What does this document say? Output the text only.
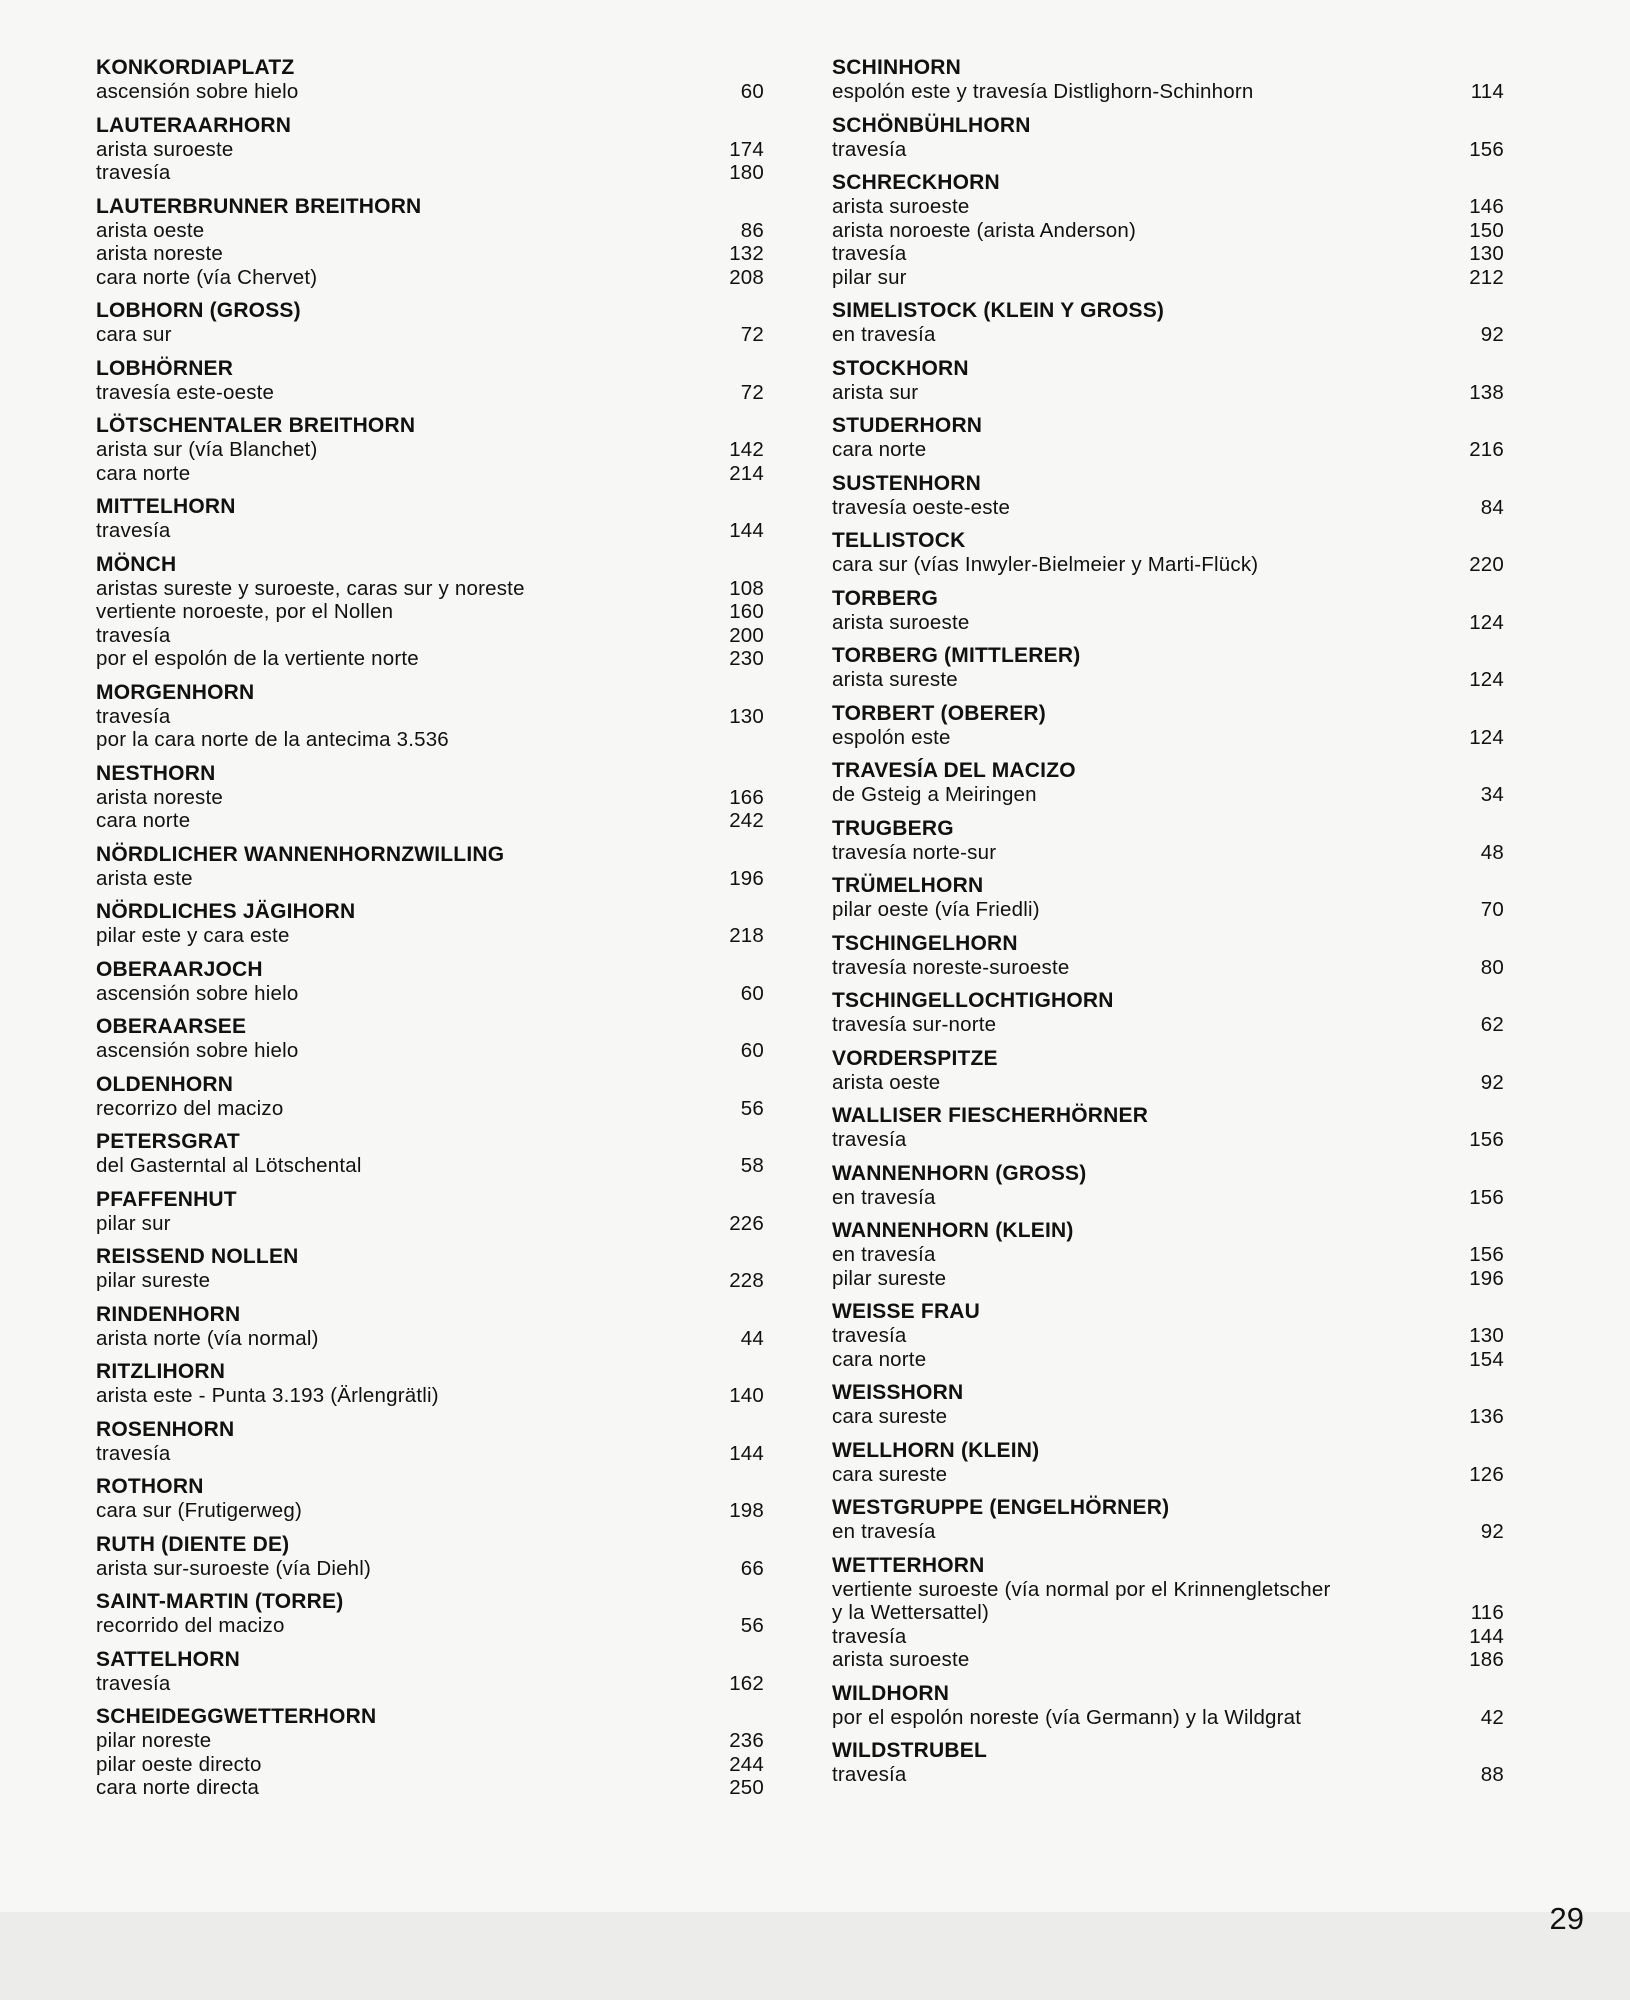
KONKORDIAPLATZ
ascensión sobre hielo	60
LAUTERAARHORN
arista suroeste	174
travesía	180
LAUTERBRUNNER BREITHORN
arista oeste	86
arista noreste	132
cara norte (vía Chervet)	208
LOBHORN (GROSS)
cara sur	72
LOBHÖRNER
travesía este-oeste	72
LÖTSCHENTALER BREITHORN
arista sur (vía Blanchet)	142
cara norte	214
MITTELHORN
travesía	144
MÖNCH
aristas sureste y suroeste, caras sur y noreste	108
vertiente noroeste, por el Nollen	160
travesía	200
por el espolón de la vertiente norte	230
MORGENHORN
travesía	130
por la cara norte de la antecima 3.536
NESTHORN
arista noreste	166
cara norte	242
NÖRDLICHER WANNENHORNZWILLING
arista este	196
NÖRDLICHES JÄGIHORN
pilar este y cara este	218
OBERAARJOCH
ascensión sobre hielo	60
OBERAARSEE
ascensión sobre hielo	60
OLDENHORN
recorrizo del macizo	56
PETERSGRAT
del Gasterntal al Lötschental	58
PFAFFENHUT
pilar sur	226
REISSEND NOLLEN
pilar sureste	228
RINDENHORN
arista norte (vía normal)	44
RITZLIHORN
arista este - Punta 3.193 (Ärlengrätli)	140
ROSENHORN
travesía	144
ROTHORN
cara sur (Frutigerweg)	198
RUTH (DIENTE DE)
arista sur-suroeste (vía Diehl)	66
SAINT-MARTIN (TORRE)
recorrido del macizo	56
SATTELHORN
travesía	162
SCHEIDEGGWETTERHORN
pilar noreste	236
pilar oeste directo	244
cara norte directa	250
SCHINHORN
espolón este y travesía Distlighorn-Schinhorn	114
SCHÖNBÜHLHORN
travesía	156
SCHRECKHORN
arista suroeste	146
arista noroeste (arista Anderson)	150
travesía	130
pilar sur	212
SIMELISTOCK (KLEIN Y GROSS)
en travesía	92
STOCKHORN
arista sur	138
STUDERHORN
cara norte	216
SUSTENHORN
travesía oeste-este	84
TELLISTOCK
cara sur (vías Inwyler-Bielmeier y Marti-Flück)	220
TORBERG
arista suroeste	124
TORBERG (MITTLERER)
arista sureste	124
TORBERT (OBERER)
espolón este	124
TRAVESÍA DEL MACIZO
de Gsteig a Meiringen	34
TRUGBERG
travesía norte-sur	48
TRÜMELHORN
pilar oeste (vía Friedli)	70
TSCHINGELHORN
travesía noreste-suroeste	80
TSCHINGELLOCHTIGHORN
travesía sur-norte	62
VORDERSPITZE
arista oeste	92
WALLISER FIESCHERHÖRNER
travesía	156
WANNENHORN (GROSS)
en travesía	156
WANNENHORN (KLEIN)
en travesía	156
pilar sureste	196
WEISSE FRAU
travesía	130
cara norte	154
WEISSHORN
cara sureste	136
WELLHORN (KLEIN)
cara sureste	126
WESTGRUPPE (ENGELHÖRNER)
en travesía	92
WETTERHORN
vertiente suroeste (vía normal por el Krinnengletscher
y la Wettersattel)	116
travesía	144
arista suroeste	186
WILDHORN
por el espolón noreste (vía Germann) y la Wildgrat	42
WILDSTRUBEL
travesía	88
29
